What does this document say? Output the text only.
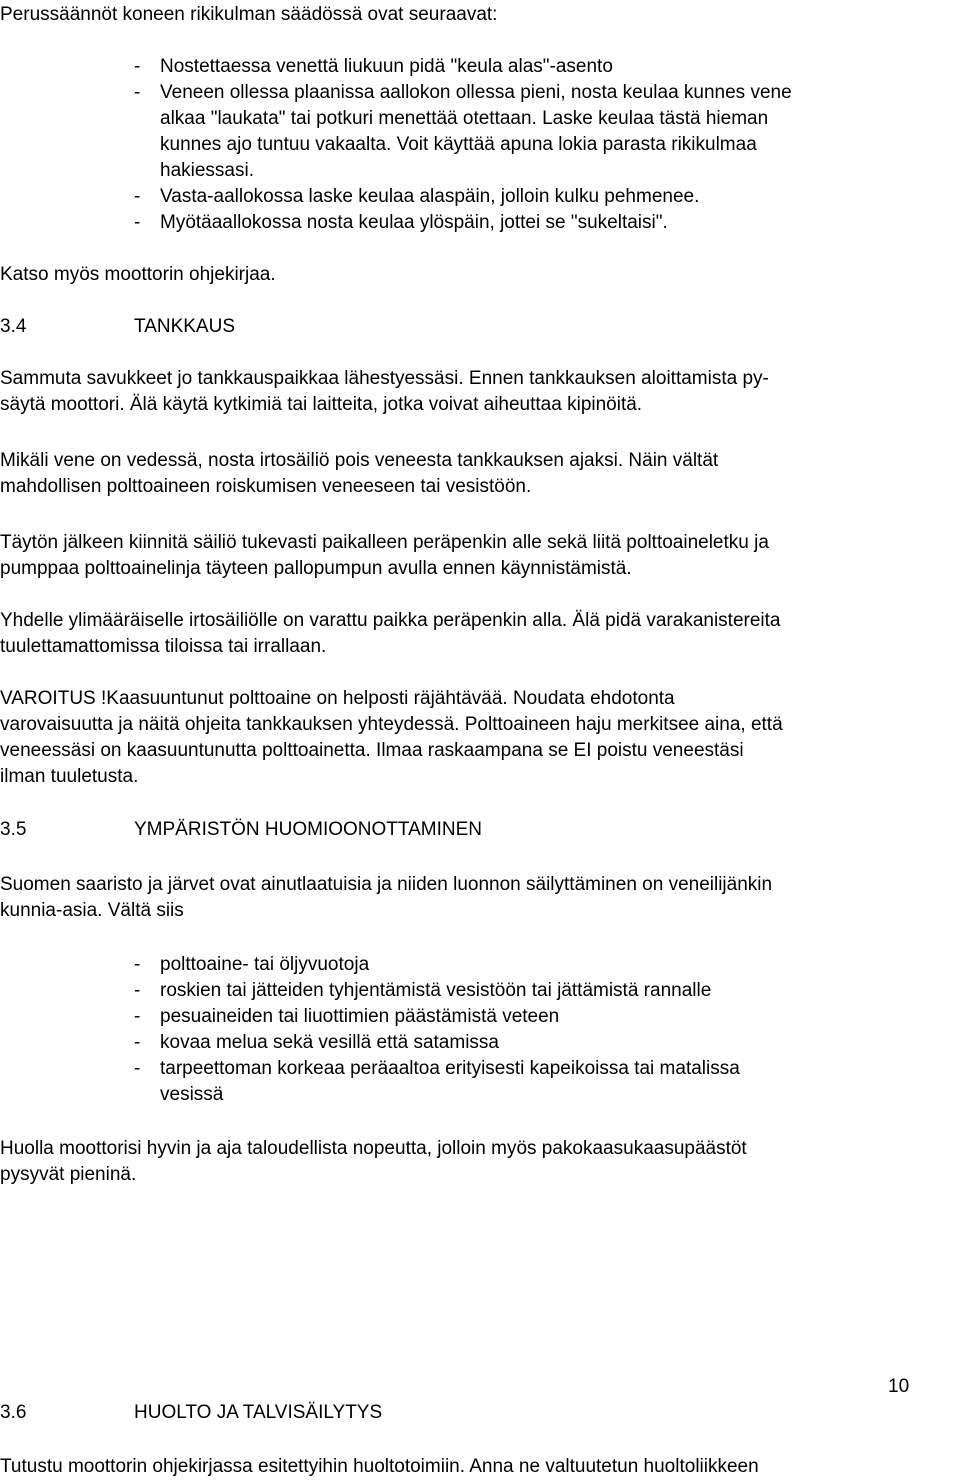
Perussäännöt koneen rikikulman säädössä ovat seuraavat:
- Nostettaessa venettä liukuun pidä "keula alas"-asento
- Veneen ollessa plaanissa aallokon ollessa pieni, nosta keulaa kunnes vene
alkaa "laukata" tai potkuri menettää otettaan. Laske keulaa tästä hieman
kunnes ajo tuntuu vakaalta. Voit käyttää apuna lokia parasta rikikulmaa
hakiessasi.
- Vasta-aallokossa laske keulaa alaspäin, jolloin kulku pehmenee.
- Myötäaallokossa nosta keulaa ylöspäin, jottei se "sukeltaisi".
Katso myös moottorin ohjekirjaa.
3.4	TANKKAUS
Sammuta savukkeet jo tankkauspaikkaa lähestyessäsi. Ennen tankkauksen aloittamista py-
säytä moottori. Älä käytä kytkimiä tai laitteita, jotka voivat aiheuttaa kipinöitä.
Mikäli vene on vedessä, nosta irtosäiliö pois veneesta tankkauksen ajaksi. Näin vältät
mahdollisen polttoaineen roiskumisen veneeseen tai vesistöön.
Täytön jälkeen kiinnitä säiliö tukevasti paikalleen peräpenkin alle sekä liitä polttoaineletku ja
pumppaa polttoainelinja täyteen pallopumpun avulla ennen käynnistämistä.
Yhdelle ylimääräiselle irtosäiliölle on varattu paikka peräpenkin alla. Älä pidä varakanistereita
tuulettamattomissa tiloissa tai irrallaan.
VAROITUS !Kaasuuntunut polttoaine on helposti räjähtävää. Noudata ehdotonta
varovaisuutta ja näitä ohjeita tankkauksen yhteydessä. Polttoaineen haju merkitsee aina, että
veneessäsi on kaasuuntunutta polttoainetta. Ilmaa raskaampana se EI poistu veneestäsi
ilman tuuletusta.
3.5	YMPÄRISTÖN HUOMIOONOTTAMINEN
Suomen saaristo ja järvet ovat ainutlaatuisia ja niiden luonnon säilyttäminen on veneilijänkin
kunnia-asia. Vältä siis
- polttoaine- tai öljyvuotoja
- roskien tai jätteiden tyhjentämistä vesistöön tai jättämistä rannalle
- pesuaineiden tai liuottimien päästämistä veteen
- kovaa melua sekä vesillä että satamissa
- tarpeettoman korkeaa peräaaltoa erityisesti kapeikoissa tai matalissa
vesissä
Huolla moottorisi hyvin ja aja taloudellista nopeutta, jolloin myös pakokaasukaasupäästöt
pysyvät pieninä.
10
3.6	HUOLTO JA TALVISÄILYTYS
Tutustu moottorin ohjekirjassa esitettyihin huoltotoimiin. Anna ne valtuutetun huoltoliikkeen
